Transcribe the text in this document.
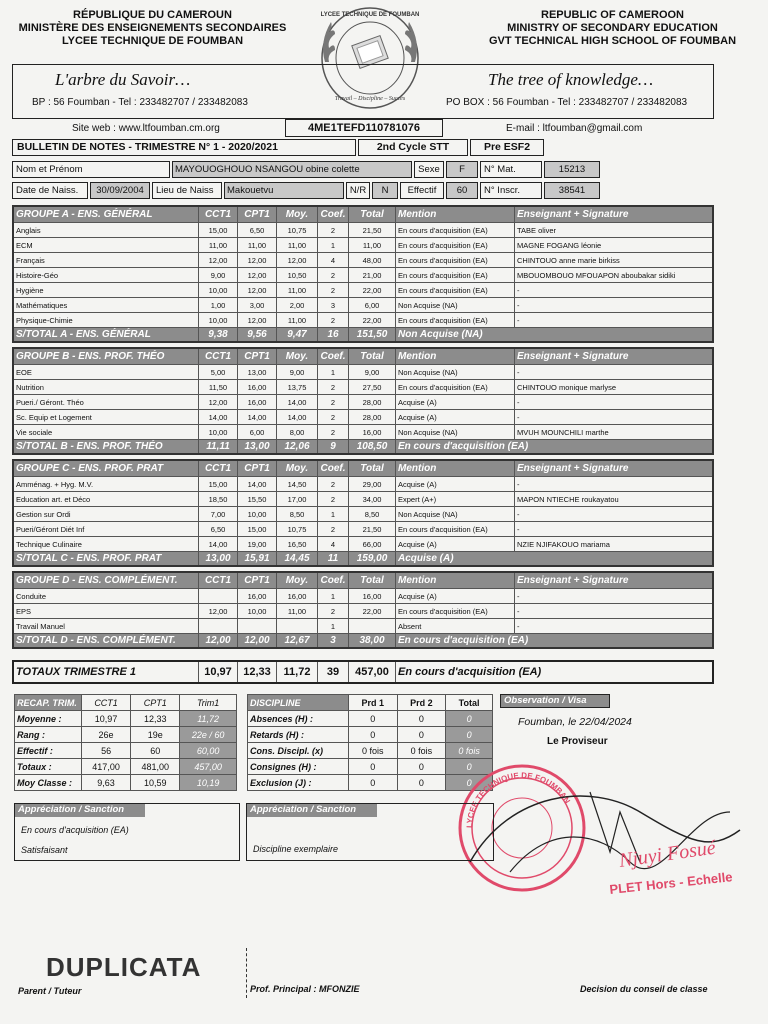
RÉPUBLIQUE DU CAMEROUN
MINISTÈRE DES ENSEIGNEMENTS SECONDAIRES
LYCEE TECHNIQUE DE FOUMBAN
REPUBLIC OF CAMEROON
MINISTRY OF SECONDARY EDUCATION
GVT TECHNICAL HIGH SCHOOL OF FOUMBAN
Travail – Discipline – Succès
LYCEE TECHNIQUE DE FOUMBAN
L'arbre du Savoir…	The tree of knowledge…
BP : 56 Foumban - Tel : 233482707 / 233482083	PO BOX : 56 Foumban - Tel : 233482707 / 233482083
Site web : www.ltfoumban.cm.org	4ME1TEFD110781076	E-mail : ltfoumban@gmail.com
BULLETIN DE NOTES - TRIMESTRE N° 1 - 2020/2021	2nd Cycle STT	Pre ESF2
Nom et Prénom	MAYOUOGHOUO NSANGOU obine colette	Sexe	F	N° Mat.	15213
Date de Naiss.	30/09/2004	Lieu de Naiss	Makouetvu	N/R	N	Effectif	60	N° Inscr.	38541
GROUPE A - ENS. GÉNÉRAL	CCT1	CPT1	Moy.	Coef.	Total	Mention	Enseignant + Signature
Anglais	15,00	6,50	10,75	2	21,50	En cours d'acquisition (EA)	TABE oliver
ECM	11,00	11,00	11,00	1	11,00	En cours d'acquisition (EA)	MAGNE FOGANG léonie
Français	12,00	12,00	12,00	4	48,00	En cours d'acquisition (EA)	CHINTOUO anne marie birkiss
Histoire-Géo	9,00	12,00	10,50	2	21,00	En cours d'acquisition (EA)	MBOUOMBOUO MFOUAPON aboubakar sidiki
Hygiène	10,00	12,00	11,00	2	22,00	En cours d'acquisition (EA)	-
Mathématiques	1,00	3,00	2,00	3	6,00	Non Acquise (NA)	-
Physique-Chimie	10,00	12,00	11,00	2	22,00	En cours d'acquisition (EA)	-
S/TOTAL A - ENS. GÉNÉRAL	9,38	9,56	9,47	16	151,50	Non Acquise (NA)	
GROUPE B - ENS. PROF. THÉO	CCT1	CPT1	Moy.	Coef.	Total	Mention	Enseignant + Signature
EOE	5,00	13,00	9,00	1	9,00	Non Acquise (NA)	-
Nutrition	11,50	16,00	13,75	2	27,50	En cours d'acquisition (EA)	CHINTOUO monique marlyse
Pueri./ Géront. Théo	12,00	16,00	14,00	2	28,00	Acquise (A)	-
Sc. Equip et Logement	14,00	14,00	14,00	2	28,00	Acquise (A)	-
Vie sociale	10,00	6,00	8,00	2	16,00	Non Acquise (NA)	MVUH MOUNCHILI marthe
S/TOTAL B - ENS. PROF. THÉO	11,11	13,00	12,06	9	108,50	En cours d'acquisition (EA)	
GROUPE C - ENS. PROF. PRAT	CCT1	CPT1	Moy.	Coef.	Total	Mention	Enseignant + Signature
Amménag. + Hyg. M.V.	15,00	14,00	14,50	2	29,00	Acquise (A)	-
Education art. et Déco	18,50	15,50	17,00	2	34,00	Expert (A+)	MAPON NTIECHE roukayatou
Gestion sur Ordi	7,00	10,00	8,50	1	8,50	Non Acquise (NA)	-
Pueri/Géront Diét Inf	6,50	15,00	10,75	2	21,50	En cours d'acquisition (EA)	-
Technique Culinaire	14,00	19,00	16,50	4	66,00	Acquise (A)	NZIE NJIFAKOUO mariama
S/TOTAL C - ENS. PROF. PRAT	13,00	15,91	14,45	11	159,00	Acquise (A)	
GROUPE D - ENS. COMPLÉMENT.	CCT1	CPT1	Moy.	Coef.	Total	Mention	Enseignant + Signature
Conduite		16,00	16,00	1	16,00	Acquise (A)	-
EPS	12,00	10,00	11,00	2	22,00	En cours d'acquisition (EA)	-
Travail Manuel				1		Absent	-
S/TOTAL D - ENS. COMPLÉMENT.	12,00	12,00	12,67	3	38,00	En cours d'acquisition (EA)	
TOTAUX TRIMESTRE 1	10,97	12,33	11,72	39	457,00	En cours d'acquisition (EA)
RECAP. TRIM.	CCT1	CPT1	Trim1
Moyenne :	10,97	12,33	11,72
Rang :	26e	19e	22e / 60
Effectif :	56	60	60,00
Totaux :	417,00	481,00	457,00
Moy Classe :	9,63	10,59	10,19
DISCIPLINE	Prd 1	Prd 2	Total
Absences (H) :	0	0	0
Retards (H) :	0	0	0
Cons. Discipl. (x)	0 fois	0 fois	0 fois
Consignes (H) :	0	0	0
Exclusion (J) :	0	0	0
Observation / Visa
Foumban, le 22/04/2024
Le Proviseur
LYCEE TECHNIQUE DE FOUMBAN
Njuyi Fosué
PLET Hors - Echelle
Appréciation / Sanction
En cours d'acquisition (EA)
Satisfaisant
Appréciation / Sanction
Discipline exemplaire
DUPLICATA
Parent / Tuteur	Prof. Principal : MFONZIE	Decision du conseil de classe
